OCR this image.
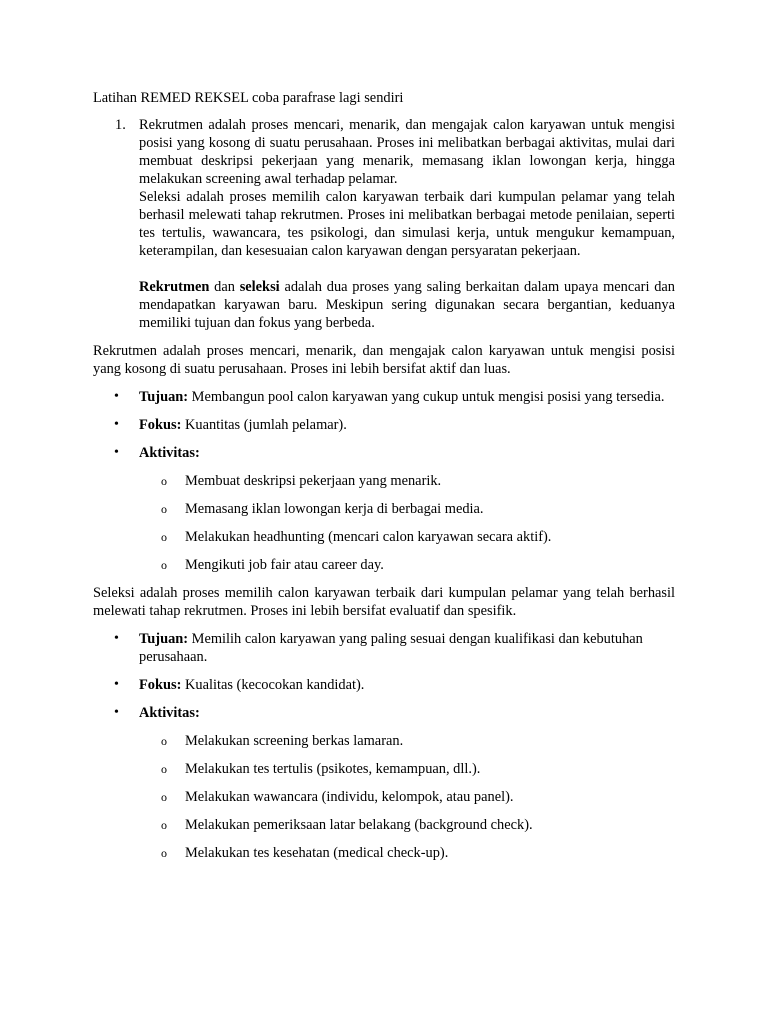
Latihan REMED REKSEL coba parafrase lagi sendiri

1. Rekrutmen adalah proses mencari, menarik, dan mengajak calon karyawan untuk mengisi posisi yang kosong di suatu perusahaan. Proses ini melibatkan berbagai aktivitas, mulai dari membuat deskripsi pekerjaan yang menarik, memasang iklan lowongan kerja, hingga melakukan screening awal terhadap pelamar.

Seleksi adalah proses memilih calon karyawan terbaik dari kumpulan pelamar yang telah berhasil melewati tahap rekrutmen. Proses ini melibatkan berbagai metode penilaian, seperti tes tertulis, wawancara, tes psikologi, dan simulasi kerja, untuk mengukur kemampuan, keterampilan, dan kesesuaian calon karyawan dengan persyaratan pekerjaan.

Rekrutmen dan seleksi adalah dua proses yang saling berkaitan dalam upaya mencari dan mendapatkan karyawan baru. Meskipun sering digunakan secara bergantian, keduanya memiliki tujuan dan fokus yang berbeda.

Rekrutmen adalah proses mencari, menarik, dan mengajak calon karyawan untuk mengisi posisi yang kosong di suatu perusahaan. Proses ini lebih bersifat aktif dan luas.

• Tujuan: Membangun pool calon karyawan yang cukup untuk mengisi posisi yang tersedia.

• Fokus: Kuantitas (jumlah pelamar).

• Aktivitas:

o Membuat deskripsi pekerjaan yang menarik.
o Memasang iklan lowongan kerja di berbagai media.
o Melakukan headhunting (mencari calon karyawan secara aktif).
o Mengikuti job fair atau career day.

Seleksi adalah proses memilih calon karyawan terbaik dari kumpulan pelamar yang telah berhasil melewati tahap rekrutmen. Proses ini lebih bersifat evaluatif dan spesifik.

• Tujuan: Memilih calon karyawan yang paling sesuai dengan kualifikasi dan kebutuhan perusahaan.

• Fokus: Kualitas (kecocokan kandidat).

• Aktivitas:

o Melakukan screening berkas lamaran.
o Melakukan tes tertulis (psikotes, kemampuan, dll.).
o Melakukan wawancara (individu, kelompok, atau panel).
o Melakukan pemeriksaan latar belakang (background check).
o Melakukan tes kesehatan (medical check-up).
